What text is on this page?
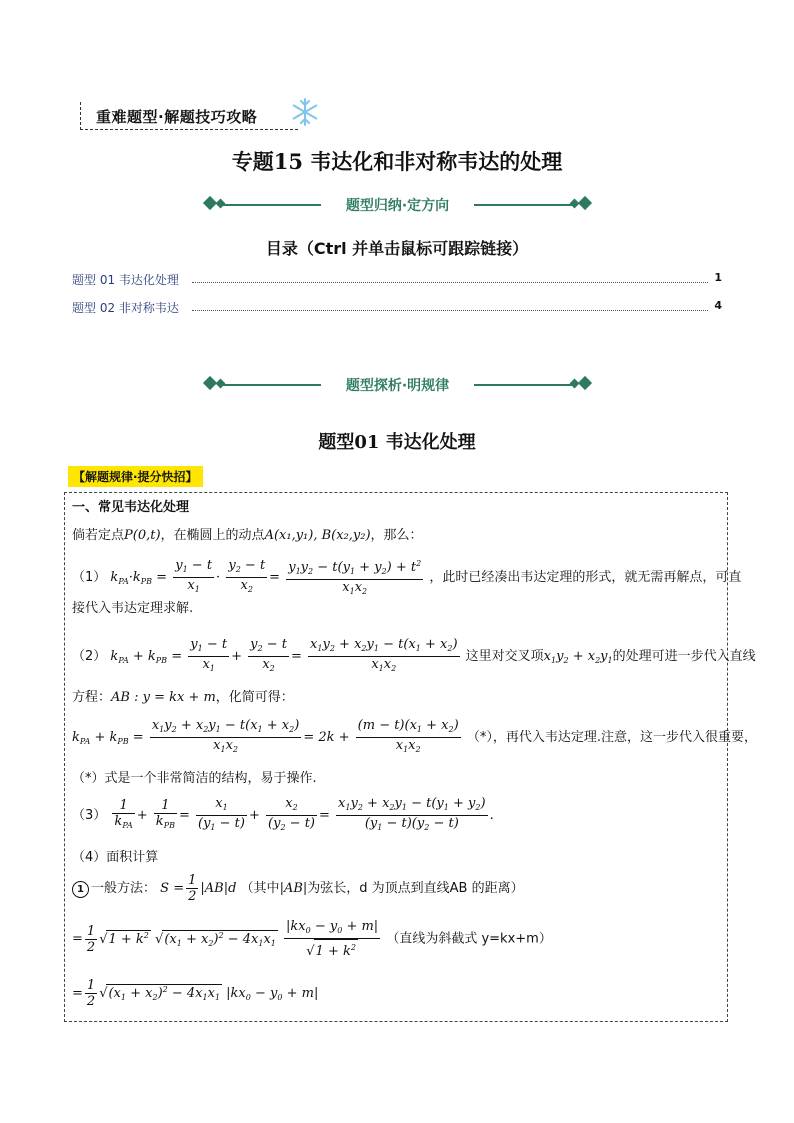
重难题型·解题技巧攻略
专题15 韦达化和非对称韦达的处理
题型归纳·定方向
目录（Ctrl 并单击鼠标可跟踪链接）
题型 01 韦达化处理	1
题型 02 非对称韦达	4
题型探析·明规律
题型01 韦达化处理
【解题规律·提分快招】
一、常见韦达化处理
倘若定点P(0,t)，在椭圆上的动点A(x₁,y₁), B(x₂,y₂)，那么：
（1） $k_{PA}\cdot k_{PB} = \frac{y_1 - t}{x_1} \cdot \frac{y_2 - t}{x_2} = \frac{y_1y_2 - t(y_1 + y_2) + t^2}{x_1x_2}$ ，此时已经凑出韦达定理的形式，就无需再解点，可直
接代入韦达定理求解.
（2） $k_{PA} + k_{PB} = \frac{y_1 - t}{x_1} + \frac{y_2 - t}{x_2} = \frac{x_1y_2 + x_2y_1 - t(x_1 + x_2)}{x_1x_2}$ 这里对交叉项$x_1y_2 + x_2y_1$的处理可进一步代入直线
方程：AB : y = kx + m，化简可得：
$k_{PA} + k_{PB} = \frac{x_1y_2 + x_2y_1 - t(x_1 + x_2)}{x_1x_2} = 2k + \frac{(m - t)(x_1 + x_2)}{x_1x_2}$ （*），再代入韦达定理.注意，这一步代入很重要，
（*）式是一个非常简洁的结构，易于操作.
$(3) \frac{1}{k_{PA}} + \frac{1}{k_{PB}} = \frac{x_1}{(y_1 - t)} + \frac{x_2}{(y_2 - t)} = \frac{x_1y_2 + x_2y_1 - t(y_1 + y_2)}{(y_1 - t)(y_2 - t)}$ .
（4）面积计算
1 一般方法： $S = \frac{1}{2} |AB|d$ （其中|AB|为弦长，d 为顶点到直线AB 的距离）
= $\frac{1}{2} √1 + k^2$ $√(x_1 + x_2)^2 - 4x_1x_1 \frac{|kx_0 - y_0 + m|}{√1 + k^2}$ （直线为斜截式 y=kx+m）
= $\frac{1}{2} √(x_1 + x_2)^2 - 4x_1x_1$ $|kx_0 - y_0 + m|$
